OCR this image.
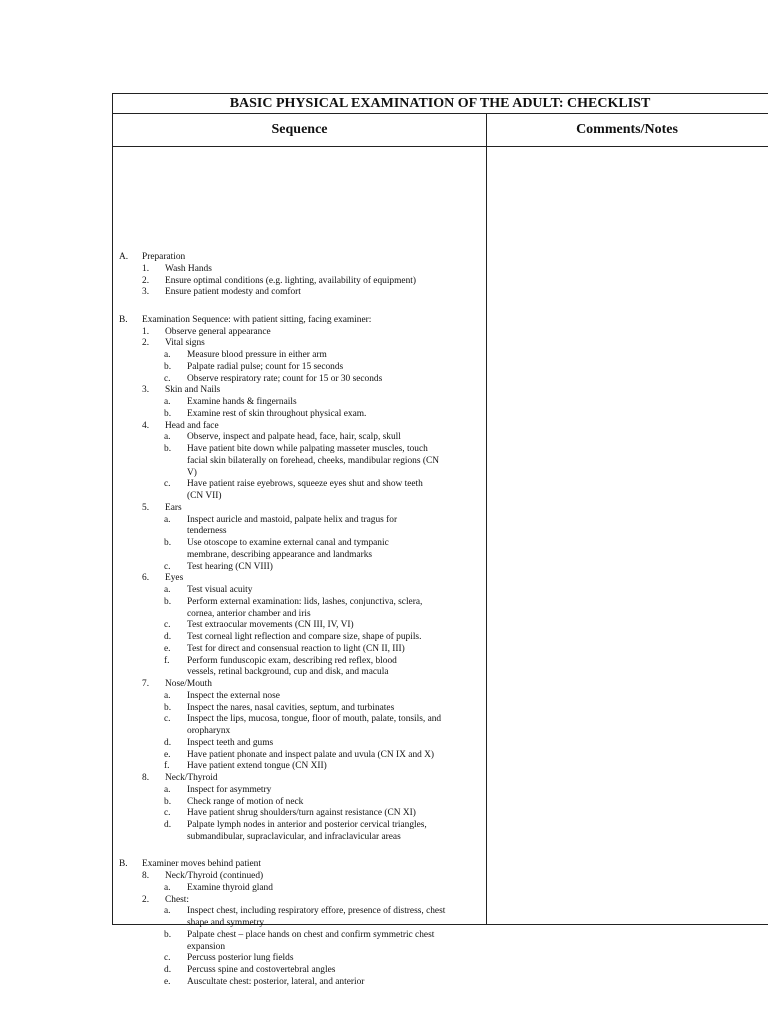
BASIC PHYSICAL EXAMINATION OF THE ADULT: CHECKLIST
Sequence	Comments/Notes
A. Preparation
1. Wash Hands
2. Ensure optimal conditions (e.g. lighting, availability of equipment)
3. Ensure patient modesty and comfort
B. Examination Sequence: with patient sitting, facing examiner:
1. Observe general appearance
2. Vital signs
a. Measure blood pressure in either arm
b. Palpate radial pulse; count for 15 seconds
c. Observe respiratory rate; count for 15 or 30 seconds
3. Skin and Nails
a. Examine hands & fingernails
b. Examine rest of skin throughout physical exam.
4. Head and face
a. Observe, inspect and palpate head, face, hair, scalp, skull
b. Have patient bite down while palpating masseter muscles, touch
facial skin bilaterally on forehead, cheeks, mandibular regions (CN
V)
c. Have patient raise eyebrows, squeeze eyes shut and show teeth
(CN VII)
5. Ears
a. Inspect auricle and mastoid, palpate helix and tragus for
tenderness
b. Use otoscope to examine external canal and tympanic
membrane, describing appearance and landmarks
c. Test hearing (CN VIII)
6. Eyes
a. Test visual acuity
b. Perform external examination: lids, lashes, conjunctiva, sclera,
cornea, anterior chamber and iris
c. Test extraocular movements (CN III, IV, VI)
d. Test corneal light reflection and compare size, shape of pupils.
e. Test for direct and consensual reaction to light (CN II, III)
f. Perform funduscopic exam, describing red reflex, blood
vessels, retinal background, cup and disk, and macula
7. Nose/Mouth
a. Inspect the external nose
b. Inspect the nares, nasal cavities, septum, and turbinates
c. Inspect the lips, mucosa, tongue, floor of mouth, palate, tonsils, and
oropharynx
d. Inspect teeth and gums
e. Have patient phonate and inspect palate and uvula (CN IX and X)
f. Have patient extend tongue (CN XII)
8. Neck/Thyroid
a. Inspect for asymmetry
b. Check range of motion of neck
c. Have patient shrug shoulders/turn against resistance (CN XI)
d. Palpate lymph nodes in anterior and posterior cervical triangles,
submandibular, supraclavicular, and infraclavicular areas
B. Examiner moves behind patient
8. Neck/Thyroid (continued)
a. Examine thyroid gland
2. Chest:
a. Inspect chest, including respiratory effore, presence of distress, chest
shape and symmetry
b. Palpate chest – place hands on chest and confirm symmetric chest
expansion
c. Percuss posterior lung fields
d. Percuss spine and costovertebral angles
e. Auscultate chest: posterior, lateral, and anterior
